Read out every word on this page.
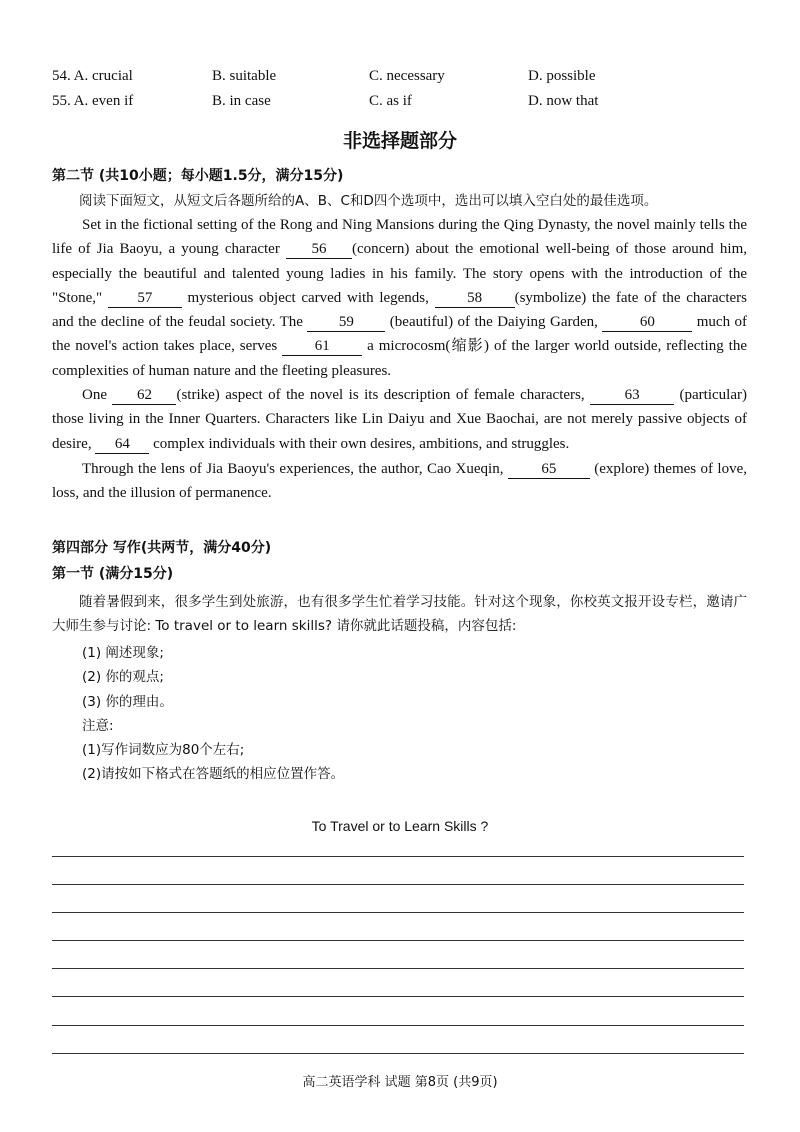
54. A. crucial	B. suitable	C. necessary	D. possible
55. A. even if	B. in case	C. as if	D. now that
非选择题部分
第二节 (共10小题；每小题1.5分，满分15分)
阅读下面短文，从短文后各题所给的A、B、C和D四个选项中，选出可以填入空白处的最佳选项。
Set in the fictional setting of the Rong and Ning Mansions during the Qing Dynasty, the novel mainly tells the life of Jia Baoyu, a young character 56 (concern) about the emotional well-being of those around him, especially the beautiful and talented young ladies in his family. The story opens with the introduction of the "Stone," 57 mysterious object carved with legends, 58 (symbolize) the fate of the characters and the decline of the feudal society. The 59 (beautiful) of the Daiying Garden,	60	much of the novel's action takes place, serves 61 a microcosm(缩影) of the larger world outside, reflecting the complexities of human nature and the fleeting pleasures.
One 62 (strike) aspect of the novel is its description of female characters, 63 (particular) those living in the Inner Quarters. Characters like Lin Daiyu and Xue Baochai, are not merely passive objects of desire, 64 complex individuals with their own desires, ambitions, and struggles.
Through the lens of Jia Baoyu's experiences, the author, Cao Xueqin, 65 (explore) themes of love, loss, and the illusion of permanence.
第四部分 写作(共两节，满分40分)
第一节 (满分15分)
随着暑假到来，很多学生到处旅游，也有很多学生忙着学习技能。针对这个现象，你校英文报开设专栏，邀请广大师生参与讨论: To travel or to learn skills? 请你就此话题投稿，内容包括:
(1) 阐述现象;
(2) 你的观点;
(3) 你的理由。
注意:
(1)写作词数应为80个左右;
(2)请按如下格式在答题纸的相应位置作答。
To Travel or to Learn Skills ?
高二英语学科 试题 第8页 (共9页)
